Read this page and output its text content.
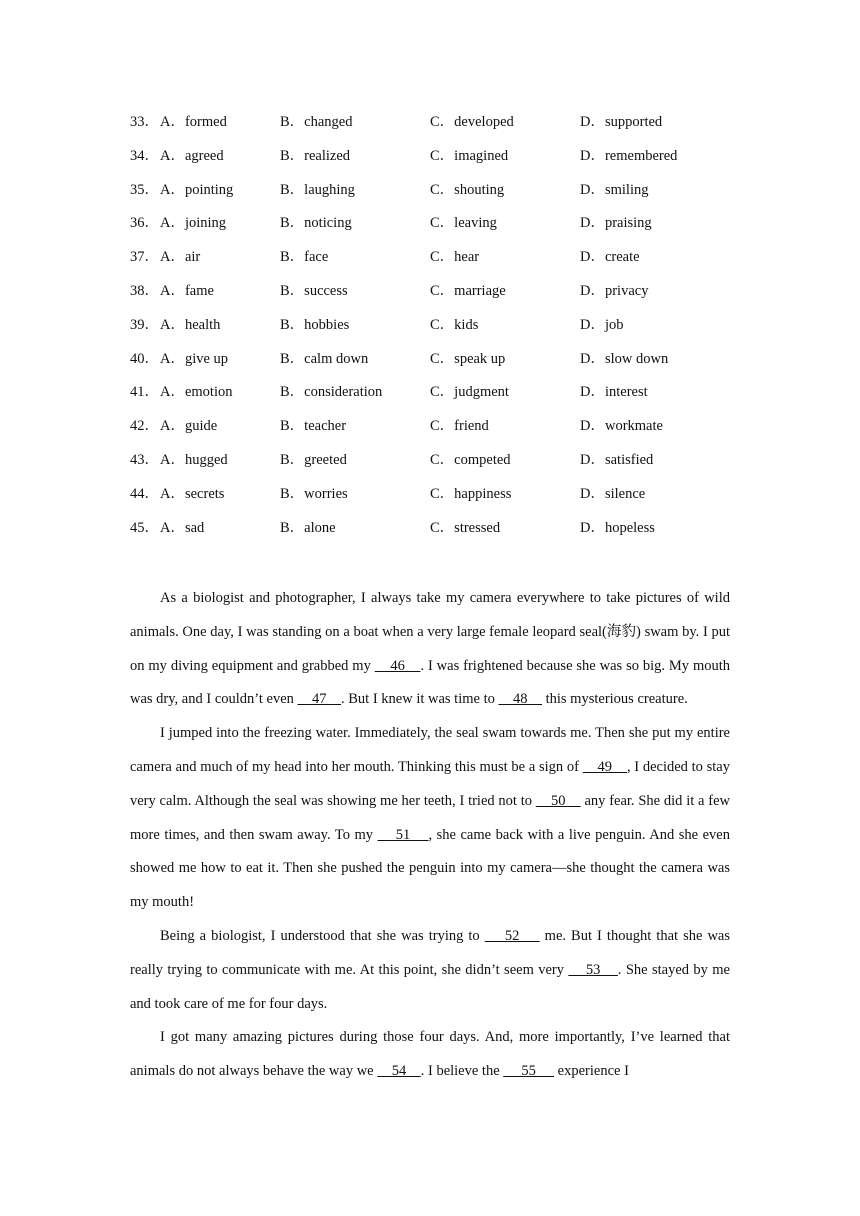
33． A．formed	B．changed	C．developed	D．supported
34． A．agreed	B．realized	C．imagined	D．remembered
35． A．pointing	B．laughing	C．shouting	D．smiling
36． A．joining	B．noticing	C．leaving	D．praising
37． A．air	B．face	C．hear	D．create
38． A．fame	B．success	C．marriage	D．privacy
39． A．health	B．hobbies	C．kids	D．job
40． A．give up	B．calm down	C．speak up	D．slow down
41． A．emotion	B．consideration	C．judgment	D．interest
42． A．guide	B．teacher	C．friend	D．workmate
43． A．hugged	B．greeted	C．competed	D．satisfied
44． A．secrets	B．worries	C．happiness	D．silence
45． A．sad	B．alone	C．stressed	D．hopeless

As a biologist and photographer, I always take my camera everywhere to take pictures of wild animals. One day, I was standing on a boat when a very large female leopard seal(海豹) swam by. I put on my diving equipment and grabbed my     46    . I was frightened because she was so big. My mouth was dry, and I couldn’t even     47    . But I knew it was time to     48     this mysterious creature.

I jumped into the freezing water. Immediately, the seal swam towards me. Then she put my entire camera and much of my head into her mouth. Thinking this must be a sign of     49    , I decided to stay very calm. Although the seal was showing me her teeth, I tried not to     50     any fear. She did it a few more times, and then swam away. To my     51    , she came back with a live penguin. And she even showed me how to eat it. Then she pushed the penguin into my camera—she thought the camera was my mouth!

Being a biologist, I understood that she was trying to     52     me. But I thought that she was really trying to communicate with me. At this point, she didn’t seem very     53    . She stayed by me and took care of me for four days.

I got many amazing pictures during those four days. And, more importantly, I’ve learned that animals do not always behave the way we     54    . I believe the      55      experience I
